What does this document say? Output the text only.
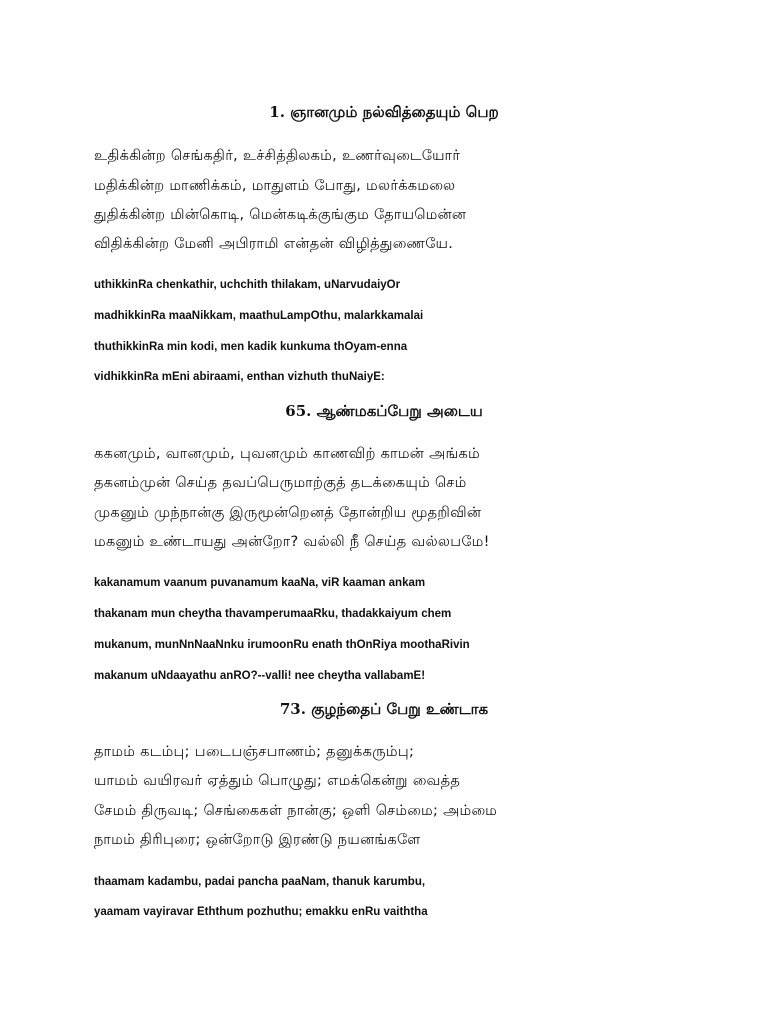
1. ஞானமும் நல்வித்தையும் பெற
உதிக்கின்ற செங்கதிர், உச்சித்திலகம், உணர்வுடையோர்
மதிக்கின்ற மாணிக்கம், மாதுளம் போது, மலர்க்கமலை
துதிக்கின்ற மின்கொடி, மென்கடிக்குங்கும தோயமென்ன
விதிக்கின்ற மேனி அபிராமி என்தன் விழித்துணையே.
uthikkinRa chenkathir, uchchith thilakam, uNarvudaiyOr
madhikkinRa maaNikkam, maathuLampOthu, malarkkamalai
thuthikkinRa min kodi, men kadik kunkuma thOyam-enna
vidhikkinRa mEni abiraami, enthan vizhuth thuNaiyE:
65. ஆண்மகப்பேறு அடைய
ககனமும், வானமும், புவனமும் காணவிற் காமன் அங்கம்
தகனம்முன் செய்த தவப்பெருமாற்குத் தடக்கையும் செம்
முகனும் முந்நான்கு இருமூன்றெனத் தோன்றிய மூதறிவின்
மகனும் உண்டாயது அன்றோ? வல்லி நீ செய்த வல்லபமே!
kakanamum vaanum puvanamum kaaNa, viR kaaman ankam
thakanam mun cheytha thavamperumaaRku, thadakkaiyum chem
mukanum, munNnNaaNnku irumoonRu enath thOnRiya moothaRivin
makanum uNdaayathu anRO?--valli! nee cheytha vallabamE!
73. குழந்தைப் பேறு உண்டாக
தாமம் கடம்பு; படைபஞ்சபாணம்; தனுக்கரும்பு;
யாமம் வயிரவர் ஏத்தும் பொழுது; எமக்கென்று வைத்த
சேமம் திருவடி; செங்கைகள் நான்கு; ஒளி செம்மை; அம்மை
நாமம் திரிபுரை; ஒன்றோடு இரண்டு நயனங்களே
thaamam kadambu, padai pancha paaNam, thanuk karumbu,
yaamam vayiravar Eththum pozhuthu; emakku enRu vaiththa
